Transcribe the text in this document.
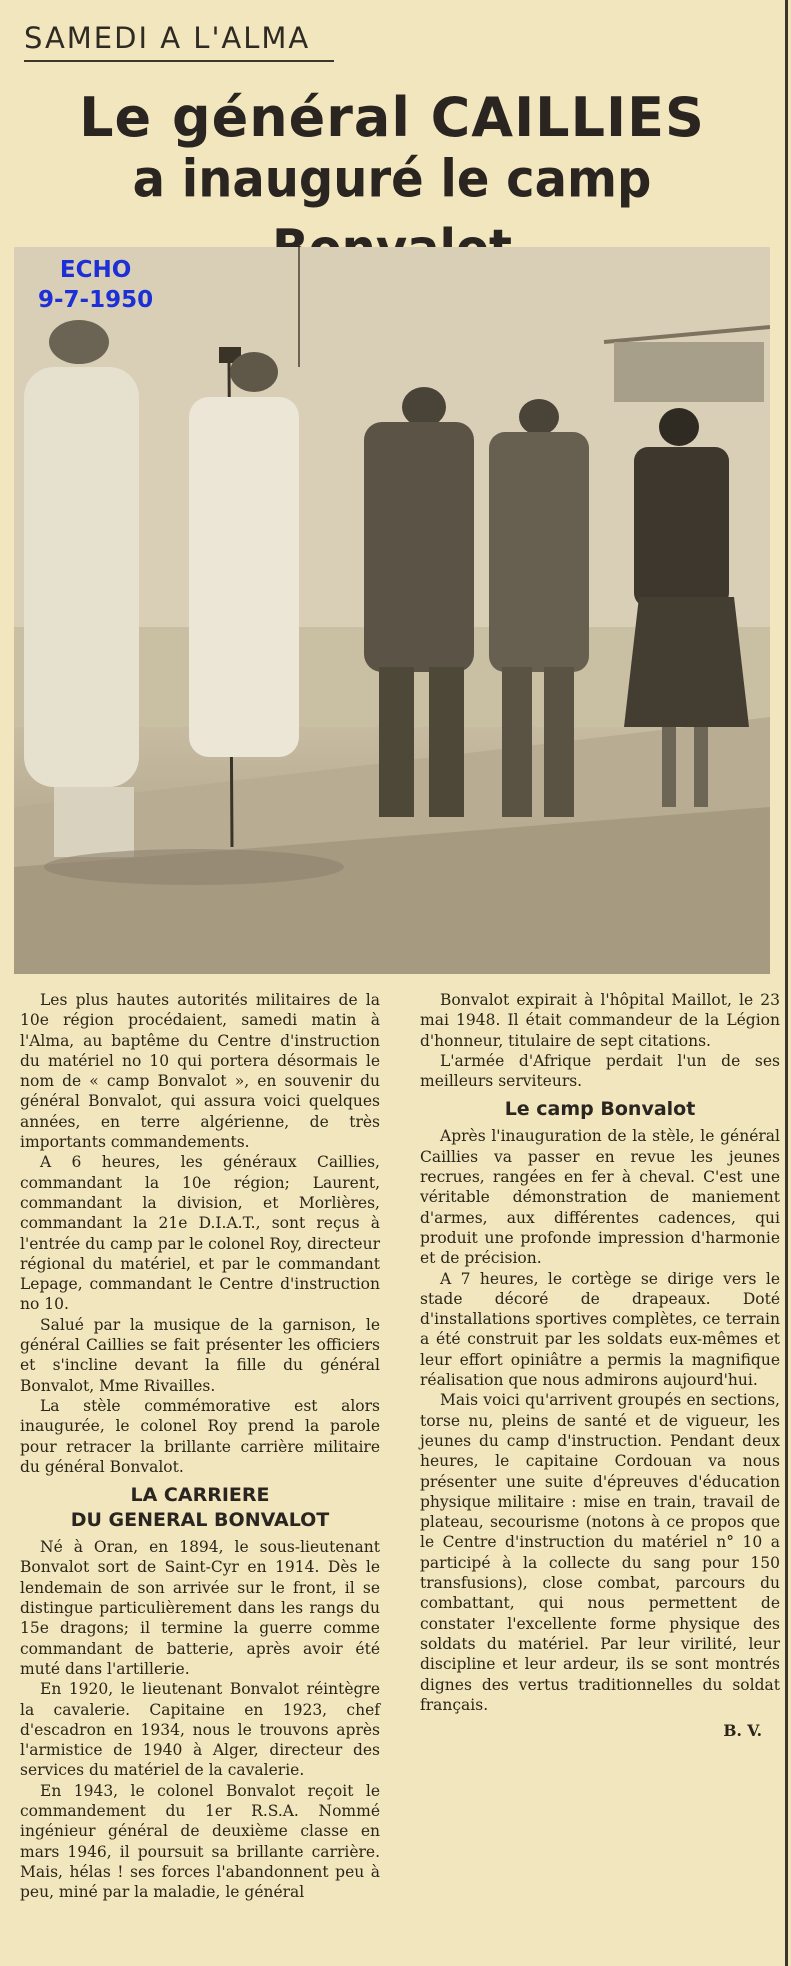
SAMEDI A L'ALMA
Le général CAILLIES
a inauguré le camp
ECHO
9-7-1950

Les plus hautes autorités militaires de la 10e région procédaient, samedi matin à l'Alma, au baptême du Centre d'instruction du matériel no 10 qui portera désormais le nom de « camp Bonvalot », en souvenir du général Bonvalot, qui assura voici quelques années, en terre algérienne, de très importants commandements.

A 6 heures, les généraux Caillies, commandant la 10e région; Laurent, commandant la division, et Morlières, commandant la 21e D.I.A.T., sont reçus à l'entrée du camp par le colonel Roy, directeur régional du matériel, et par le commandant Lepage, commandant le Centre d'instruction no 10.

Salué par la musique de la garnison, le général Caillies se fait présenter les officiers et s'incline devant la fille du général Bonvalot, Mme Rivailles.

La stèle commémorative est alors inaugurée, le colonel Roy prend la parole pour retracer la brillante carrière militaire du général Bonvalot.

LA CARRIERE
DU GENERAL BONVALOT

Né à Oran, en 1894, le sous-lieutenant Bonvalot sort de Saint-Cyr en 1914. Dès le lendemain de son arrivée sur le front, il se distingue particulièrement dans les rangs du 15e dragons; il termine la guerre comme commandant de batterie, après avoir été muté dans l'artillerie.

En 1920, le lieutenant Bonvalot réintègre la cavalerie. Capitaine en 1923, chef d'escadron en 1934, nous le trouvons après l'armistice de 1940 à Alger, directeur des services du matériel de la cavalerie.

En 1943, le colonel Bonvalot reçoit le commandement du 1er R.S.A. Nommé ingénieur général de deuxième classe en mars 1946, il poursuit sa brillante carrière. Mais, hélas ! ses forces l'abandonnent peu à peu, miné par la maladie, le général

Bonvalot expirait à l'hôpital Maillot, le 23 mai 1948. Il était commandeur de la Légion d'honneur, titulaire de sept citations.

L'armée d'Afrique perdait l'un de ses meilleurs serviteurs.

Le camp Bonvalot

Après l'inauguration de la stèle, le général Caillies va passer en revue les jeunes recrues, rangées en fer à cheval. C'est une véritable démonstration de maniement d'armes, aux différentes cadences, qui produit une profonde impression d'harmonie et de précision.

A 7 heures, le cortège se dirige vers le stade décoré de drapeaux. Doté d'installations sportives complètes, ce terrain a été construit par les soldats eux-mêmes et leur effort opiniâtre a permis la magnifique réalisation que nous admirons aujourd'hui.

Mais voici qu'arrivent groupés en sections, torse nu, pleins de santé et de vigueur, les jeunes du camp d'instruction. Pendant deux heures, le capitaine Cordouan va nous présenter une suite d'épreuves d'éducation physique militaire : mise en train, travail de plateau, secourisme (notons à ce propos que le Centre d'instruction du matériel n° 10 a participé à la collecte du sang pour 150 transfusions), close combat, parcours du combattant, qui nous permettent de constater l'excellente forme physique des soldats du matériel. Par leur virilité, leur discipline et leur ardeur, ils se sont montrés dignes des vertus traditionnelles du soldat français.

B. V.
